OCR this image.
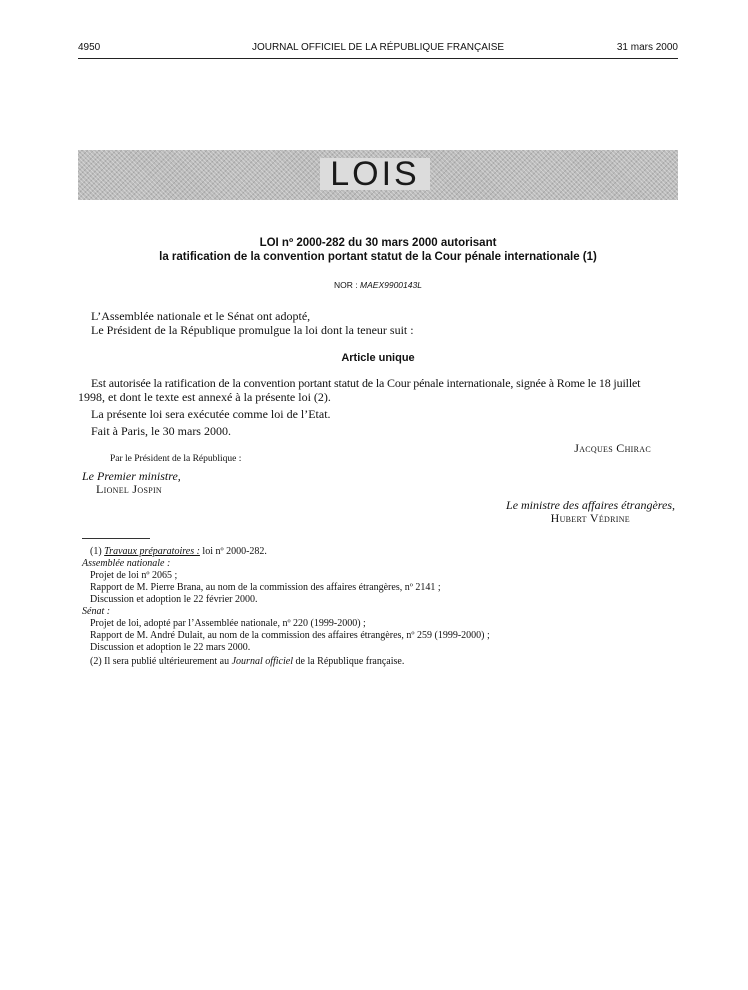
4950	JOURNAL OFFICIEL DE LA RÉPUBLIQUE FRANÇAISE	31 mars 2000
LOIS
LOI nº 2000-282 du 30 mars 2000 autorisant
la ratification de la convention portant statut de la Cour pénale internationale (1)
NOR : MAEX9900143L
L’Assemblée nationale et le Sénat ont adopté,
Le Président de la République promulgue la loi dont la teneur suit :
Article unique
Est autorisée la ratification de la convention portant statut de la Cour pénale internationale, signée à Rome le 18 juillet
1998, et dont le texte est annexé à la présente loi (2).
La présente loi sera exécutée comme loi de l’Etat.
Fait à Paris, le 30 mars 2000.
Jacques Chirac
Par le Président de la République :
Le Premier ministre,
Lionel Jospin
Le ministre des affaires étrangères,
Hubert Védrine
(1) Travaux préparatoires : loi nº 2000-282.
Assemblée nationale :
Projet de loi nº 2065 ;
Rapport de M. Pierre Brana, au nom de la commission des affaires étrangères, nº 2141 ;
Discussion et adoption le 22 février 2000.
Sénat :
Projet de loi, adopté par l’Assemblée nationale, nº 220 (1999-2000) ;
Rapport de M. André Dulait, au nom de la commission des affaires étrangères, nº 259 (1999-2000) ;
Discussion et adoption le 22 mars 2000.
(2) Il sera publié ultérieurement au Journal officiel de la République française.
